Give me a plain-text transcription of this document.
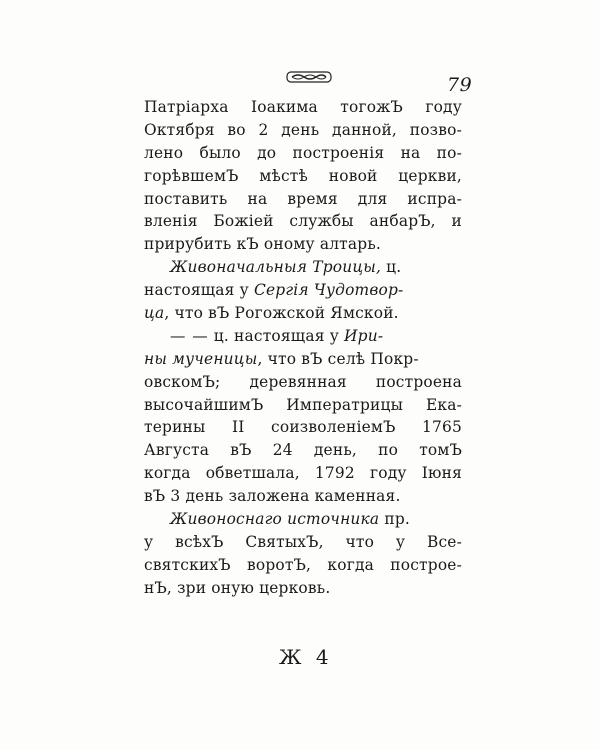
79
Патріарха Іоакима тогожЪ году
Октября во 2 день данной, позво-
лено было до построенія на по-
горѣвшемЪ мѣстѣ новой церкви,
поставить на время для испра-
вленія Божіей службы анбарЪ, и
прирубить кЪ оному алтарь.
Живоначальныя Троицы, ц.
настоящая у Сергія Чудотвор-
ца, что вЪ Рогожской Ямской.
— — ц. настоящая у Ири-
ны мученицы, что вЪ селѣ Покр-
овскомЪ; деревянная построена
высочайшимЪ Императрицы Ека-
терины II соизволеніемЪ 1765
Августа вЪ 24 день, по томЪ
когда обветшала, 1792 году Іюня
вЪ 3 день заложена каменная.
Живоноснаго источника пр.
у всѣхЪ СвятыхЪ, что у Все-
святскихЪ воротЪ, когда построе-
нЪ, зри оную церковь.
Ж 4
